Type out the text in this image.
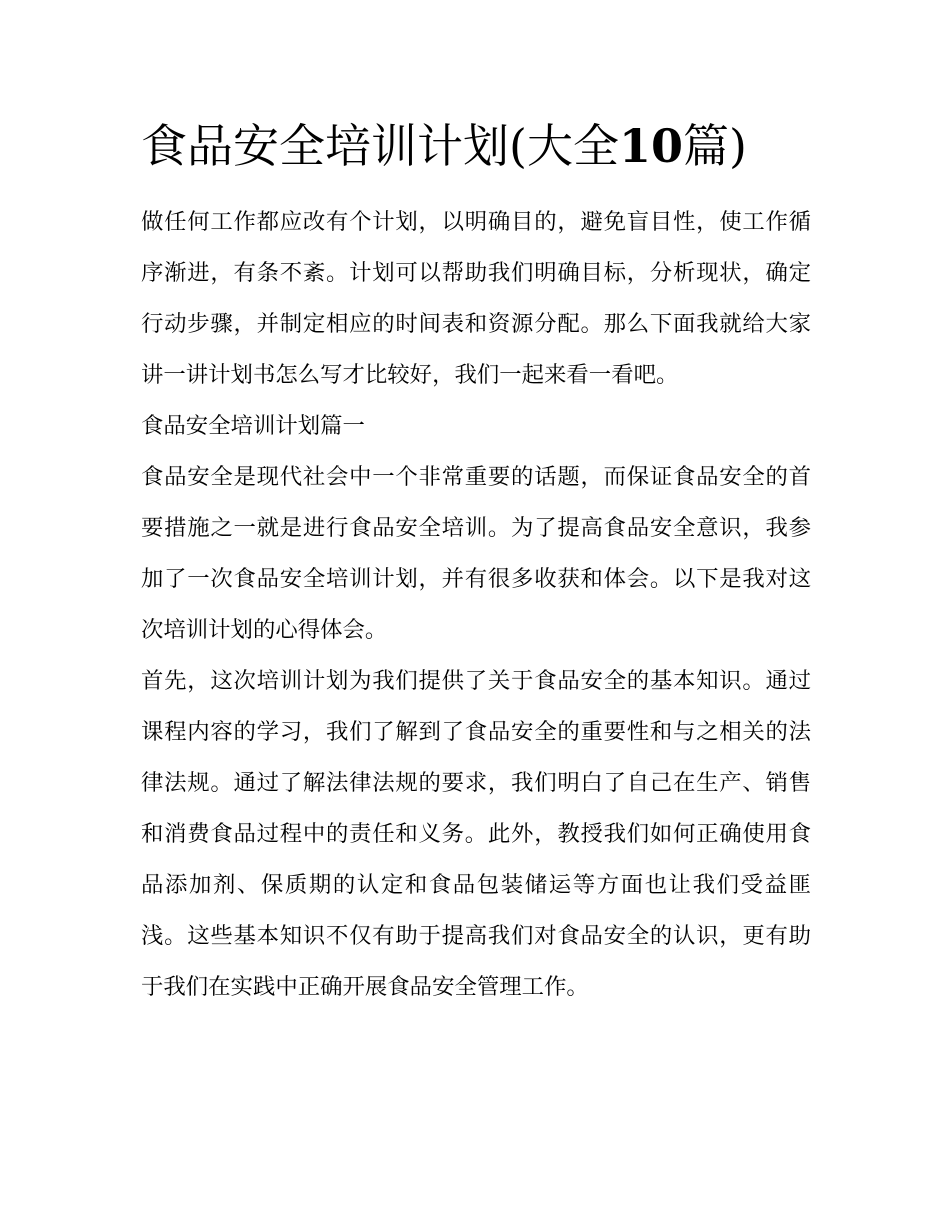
食品安全培训计划(大全10篇)

做任何工作都应改有个计划，以明确目的，避免盲目性，使工作循序渐进，有条不紊。计划可以帮助我们明确目标，分析现状，确定行动步骤，并制定相应的时间表和资源分配。那么下面我就给大家讲一讲计划书怎么写才比较好，我们一起来看一看吧。

食品安全培训计划篇一

食品安全是现代社会中一个非常重要的话题，而保证食品安全的首要措施之一就是进行食品安全培训。为了提高食品安全意识，我参加了一次食品安全培训计划，并有很多收获和体会。以下是我对这次培训计划的心得体会。

首先，这次培训计划为我们提供了关于食品安全的基本知识。通过课程内容的学习，我们了解到了食品安全的重要性和与之相关的法律法规。通过了解法律法规的要求，我们明白了自己在生产、销售和消费食品过程中的责任和义务。此外，教授我们如何正确使用食品添加剂、保质期的认定和食品包装储运等方面也让我们受益匪浅。这些基本知识不仅有助于提高我们对食品安全的认识，更有助于我们在实践中正确开展食品安全管理工作。
